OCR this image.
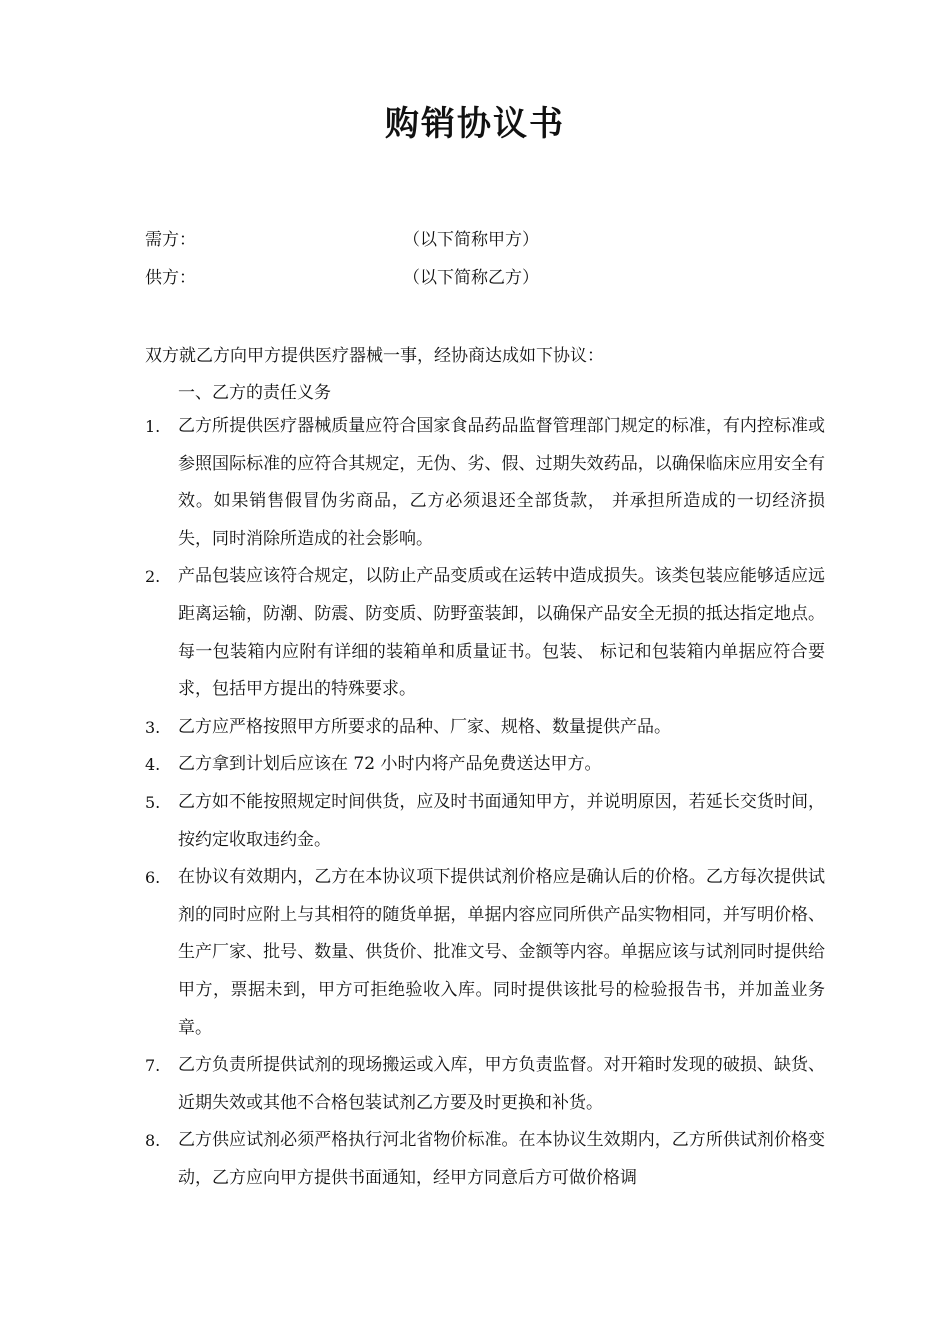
购销协议书
需方：	（以下简称甲方）
供方：	（以下简称乙方）
双方就乙方向甲方提供医疗器械一事，经协商达成如下协议：
一、乙方的责任义务
1. 乙方所提供医疗器械质量应符合国家食品药品监督管理部门规定的标准，有内控标准或参照国际标准的应符合其规定，无伪、劣、假、过期失效药品，以确保临床应用安全有效。如果销售假冒伪劣商品，乙方必须退还全部货款， 并承担所造成的一切经济损失，同时消除所造成的社会影响。
2. 产品包装应该符合规定，以防止产品变质或在运转中造成损失。该类包装应能够适应远距离运输，防潮、防震、防变质、防野蛮装卸，以确保产品安全无损的抵达指定地点。每一包装箱内应附有详细的装箱单和质量证书。包装、 标记和包装箱内单据应符合要求，包括甲方提出的特殊要求。
3. 乙方应严格按照甲方所要求的品种、厂家、规格、数量提供产品。
4. 乙方拿到计划后应该在 72 小时内将产品免费送达甲方。
5. 乙方如不能按照规定时间供货，应及时书面通知甲方，并说明原因，若延长交货时间，按约定收取违约金。
6. 在协议有效期内，乙方在本协议项下提供试剂价格应是确认后的价格。乙方每次提供试剂的同时应附上与其相符的随货单据，单据内容应同所供产品实物相同，并写明价格、生产厂家、批号、数量、供货价、批准文号、金额等内容。单据应该与试剂同时提供给甲方，票据未到，甲方可拒绝验收入库。同时提供该批号的检验报告书，并加盖业务章。
7. 乙方负责所提供试剂的现场搬运或入库，甲方负责监督。对开箱时发现的破损、缺货、近期失效或其他不合格包装试剂乙方要及时更换和补货。
8. 乙方供应试剂必须严格执行河北省物价标准。在本协议生效期内，乙方所供试剂价格变动，乙方应向甲方提供书面通知，经甲方同意后方可做价格调
